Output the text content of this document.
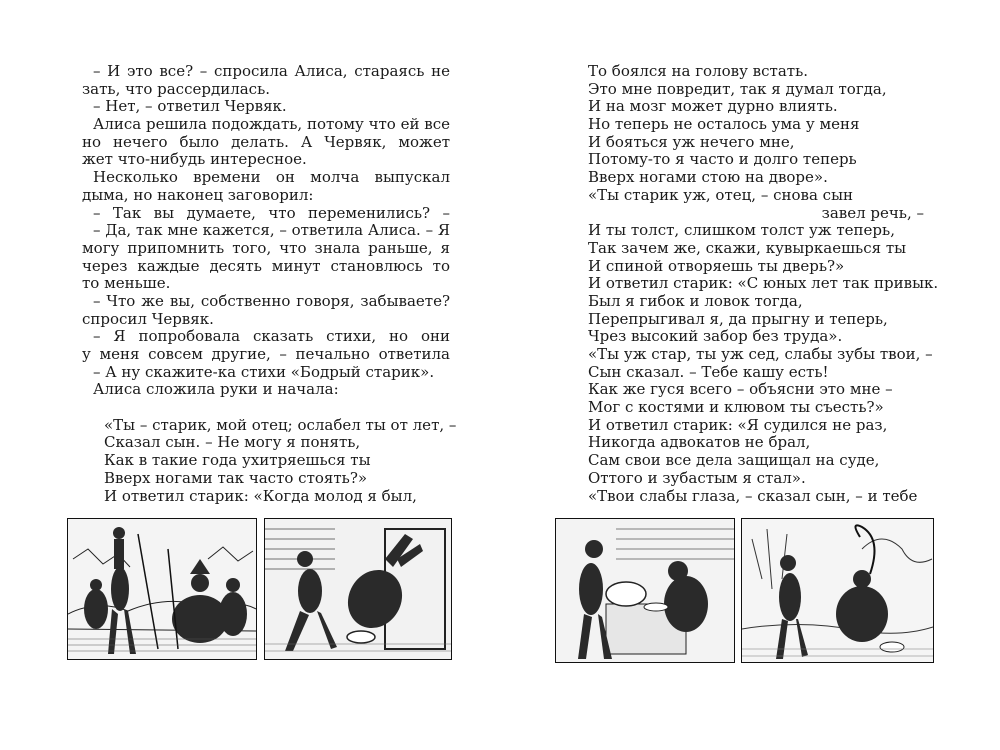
– И это все? – спросила Алиса, стараясь не
зать, что рассердилась.
– Нет, – ответил Червяк.
Алиса решила подождать, потому что ей все
но нечего было делать. А Червяк, может
жет что-нибудь интересное.
Несколько времени он молча выпускал
дыма, но наконец заговорил:
– Так вы думаете, что переменились? –
– Да, так мне кажется, – ответила Алиса. – Я
могу припомнить того, что знала раньше, я
через каждые десять минут становлюсь то
то меньше.
– Что же вы, собственно говоря, забываете?
спросил Червяк.
– Я попробовала сказать стихи, но они
у меня совсем другие, – печально ответила
– А ну скажите-ка стихи «Бодрый старик».
Алиса сложила руки и начала:
«Ты – старик, мой отец; ослабел ты от лет, –
Сказал сын. – Не могу я понять,
Как в такие года ухитряешься ты
Вверх ногами так часто стоять?»
И ответил старик: «Когда молод я был,
То боялся на голову встать.
Это мне повредит, так я думал тогда,
И на мозг может дурно влиять.
Но теперь не осталось ума у меня
И бояться уж нечего мне,
Потому-то я часто и долго теперь
Вверх ногами стою на дворе».
«Ты старик уж, отец, – снова сын
завел речь, –
И ты толст, слишком толст уж теперь,
Так зачем же, скажи, кувыркаешься ты
И спиной отворяешь ты дверь?»
И ответил старик: «С юных лет так привык.
Был я гибок и ловок тогда,
Перепрыгивал я, да прыгну и теперь,
Чрез высокий забор без труда».
«Ты уж стар, ты уж сед, слабы зубы твои, –
Сын сказал. – Тебе кашу есть!
Как же гуся всего – объясни это мне –
Мог с костями и клювом ты съесть?»
И ответил старик: «Я судился не раз,
Никогда адвокатов не брал,
Сам свои все дела защищал на суде,
Оттого и зубастым я стал».
«Твои слабы глаза, – сказал сын, – и тебе
